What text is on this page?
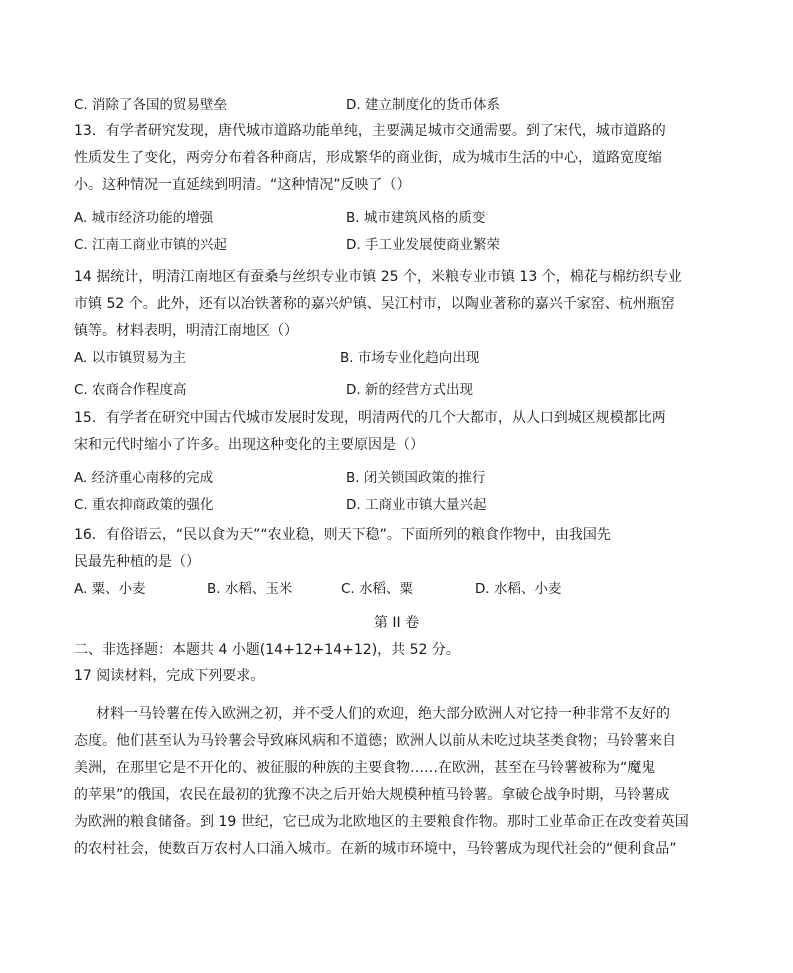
C. 消除了各国的贸易壁垒	D. 建立制度化的货币体系
13．有学者研究发现，唐代城市道路功能单纯，主要满足城市交通需要。到了宋代，城市道路的
性质发生了变化，两旁分布着各种商店，形成繁华的商业街，成为城市生活的中心，道路宽度缩
小。这种情况一直延续到明清。“这种情况”反映了（）
A. 城市经济功能的增强	B. 城市建筑风格的质变
C. 江南工商业市镇的兴起	D. 手工业发展使商业繁荣
14 据统计，明清江南地区有蚕桑与丝织专业市镇 25 个，米粮专业市镇 13 个，棉花与棉纺织专业
市镇 52 个。此外，还有以冶铁著称的嘉兴炉镇、吴江村市，以陶业著称的嘉兴千家窑、杭州瓶窑
镇等。材料表明，明清江南地区（）
A. 以市镇贸易为主	B. 市场专业化趋向出现
C. 农商合作程度高	D. 新的经营方式出现
15．有学者在研究中国古代城市发展时发现，明清两代的几个大都市，从人口到城区规模都比两
宋和元代时缩小了许多。出现这种变化的主要原因是（）
A. 经济重心南移的完成	B. 闭关锁国政策的推行
C. 重农抑商政策的强化	D. 工商业市镇大量兴起
16．有俗语云，“民以食为天”“农业稳，则天下稳”。下面所列的粮食作物中，由我国先
民最先种植的是（）
A. 粟、小麦	B. 水稻、玉米	C. 水稻、粟	D. 水稻、小麦
第 II 卷
二、非选择题：本题共 4 小题(14+12+14+12)，共 52 分。
17 阅读材料，完成下列要求。
材料一马铃薯在传入欧洲之初，并不受人们的欢迎，绝大部分欧洲人对它持一种非常不友好的
态度。他们甚至认为马铃薯会导致麻风病和不道德；欧洲人以前从未吃过块茎类食物；马铃薯来自
美洲，在那里它是不开化的、被征服的种族的主要食物……在欧洲，甚至在马铃薯被称为“魔鬼
的苹果”的俄国，农民在最初的犹豫不决之后开始大规模种植马铃薯。拿破仑战争时期，马铃薯成
为欧洲的粮食储备。到 19 世纪，它已成为北欧地区的主要粮食作物。那时工业革命正在改变着英国
的农村社会，使数百万农村人口涌入城市。在新的城市环境中，马铃薯成为现代社会的“便利食品”
